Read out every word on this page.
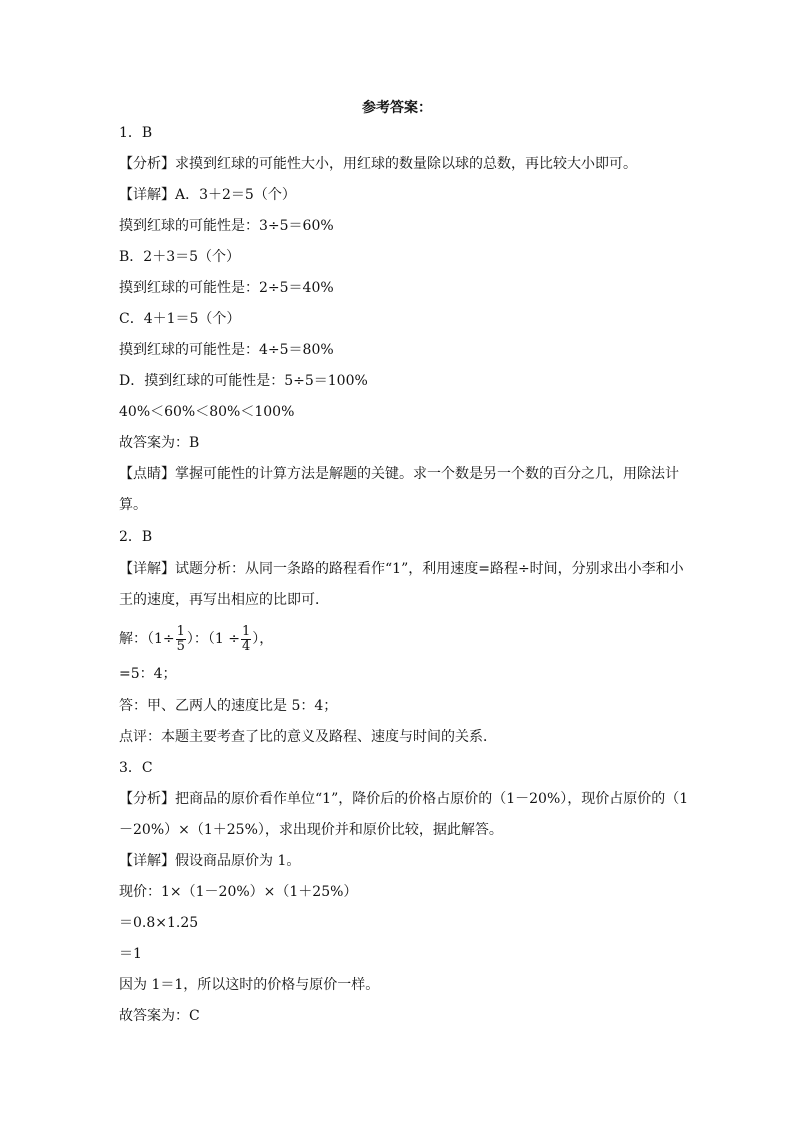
参考答案：
1．B
【分析】求摸到红球的可能性大小，用红球的数量除以球的总数，再比较大小即可。
【详解】A．3＋2＝5（个）
摸到红球的可能性是：3÷5＝60%
B．2＋3＝5（个）
摸到红球的可能性是：2÷5＝40%
C．4＋1＝5（个）
摸到红球的可能性是：4÷5＝80%
D．摸到红球的可能性是：5÷5＝100%
40%＜60%＜80%＜100%
故答案为：B
【点睛】掌握可能性的计算方法是解题的关键。求一个数是另一个数的百分之几，用除法计
算。
2．B
【详解】试题分析：从同一条路的路程看作“1”，利用速度=路程÷时间，分别求出小李和小
王的速度，再写出相应的比即可．
解：（$1\div \frac{1}{5}$ ）：（$1 \div \frac{1}{4}$ ），
=5：4；
答：甲、乙两人的速度比是 5：4；
点评：本题主要考查了比的意义及路程、速度与时间的关系．
3．C
【分析】把商品的原价看作单位“1”，降价后的价格占原价的（1－20%），现价占原价的（1
－20%）×（1＋25%），求出现价并和原价比较，据此解答。
【详解】假设商品原价为 1。
现价：1×（1－20%）×（1＋25%）
＝0.8×1.25
＝1
因为 1＝1，所以这时的价格与原价一样。
故答案为：C
